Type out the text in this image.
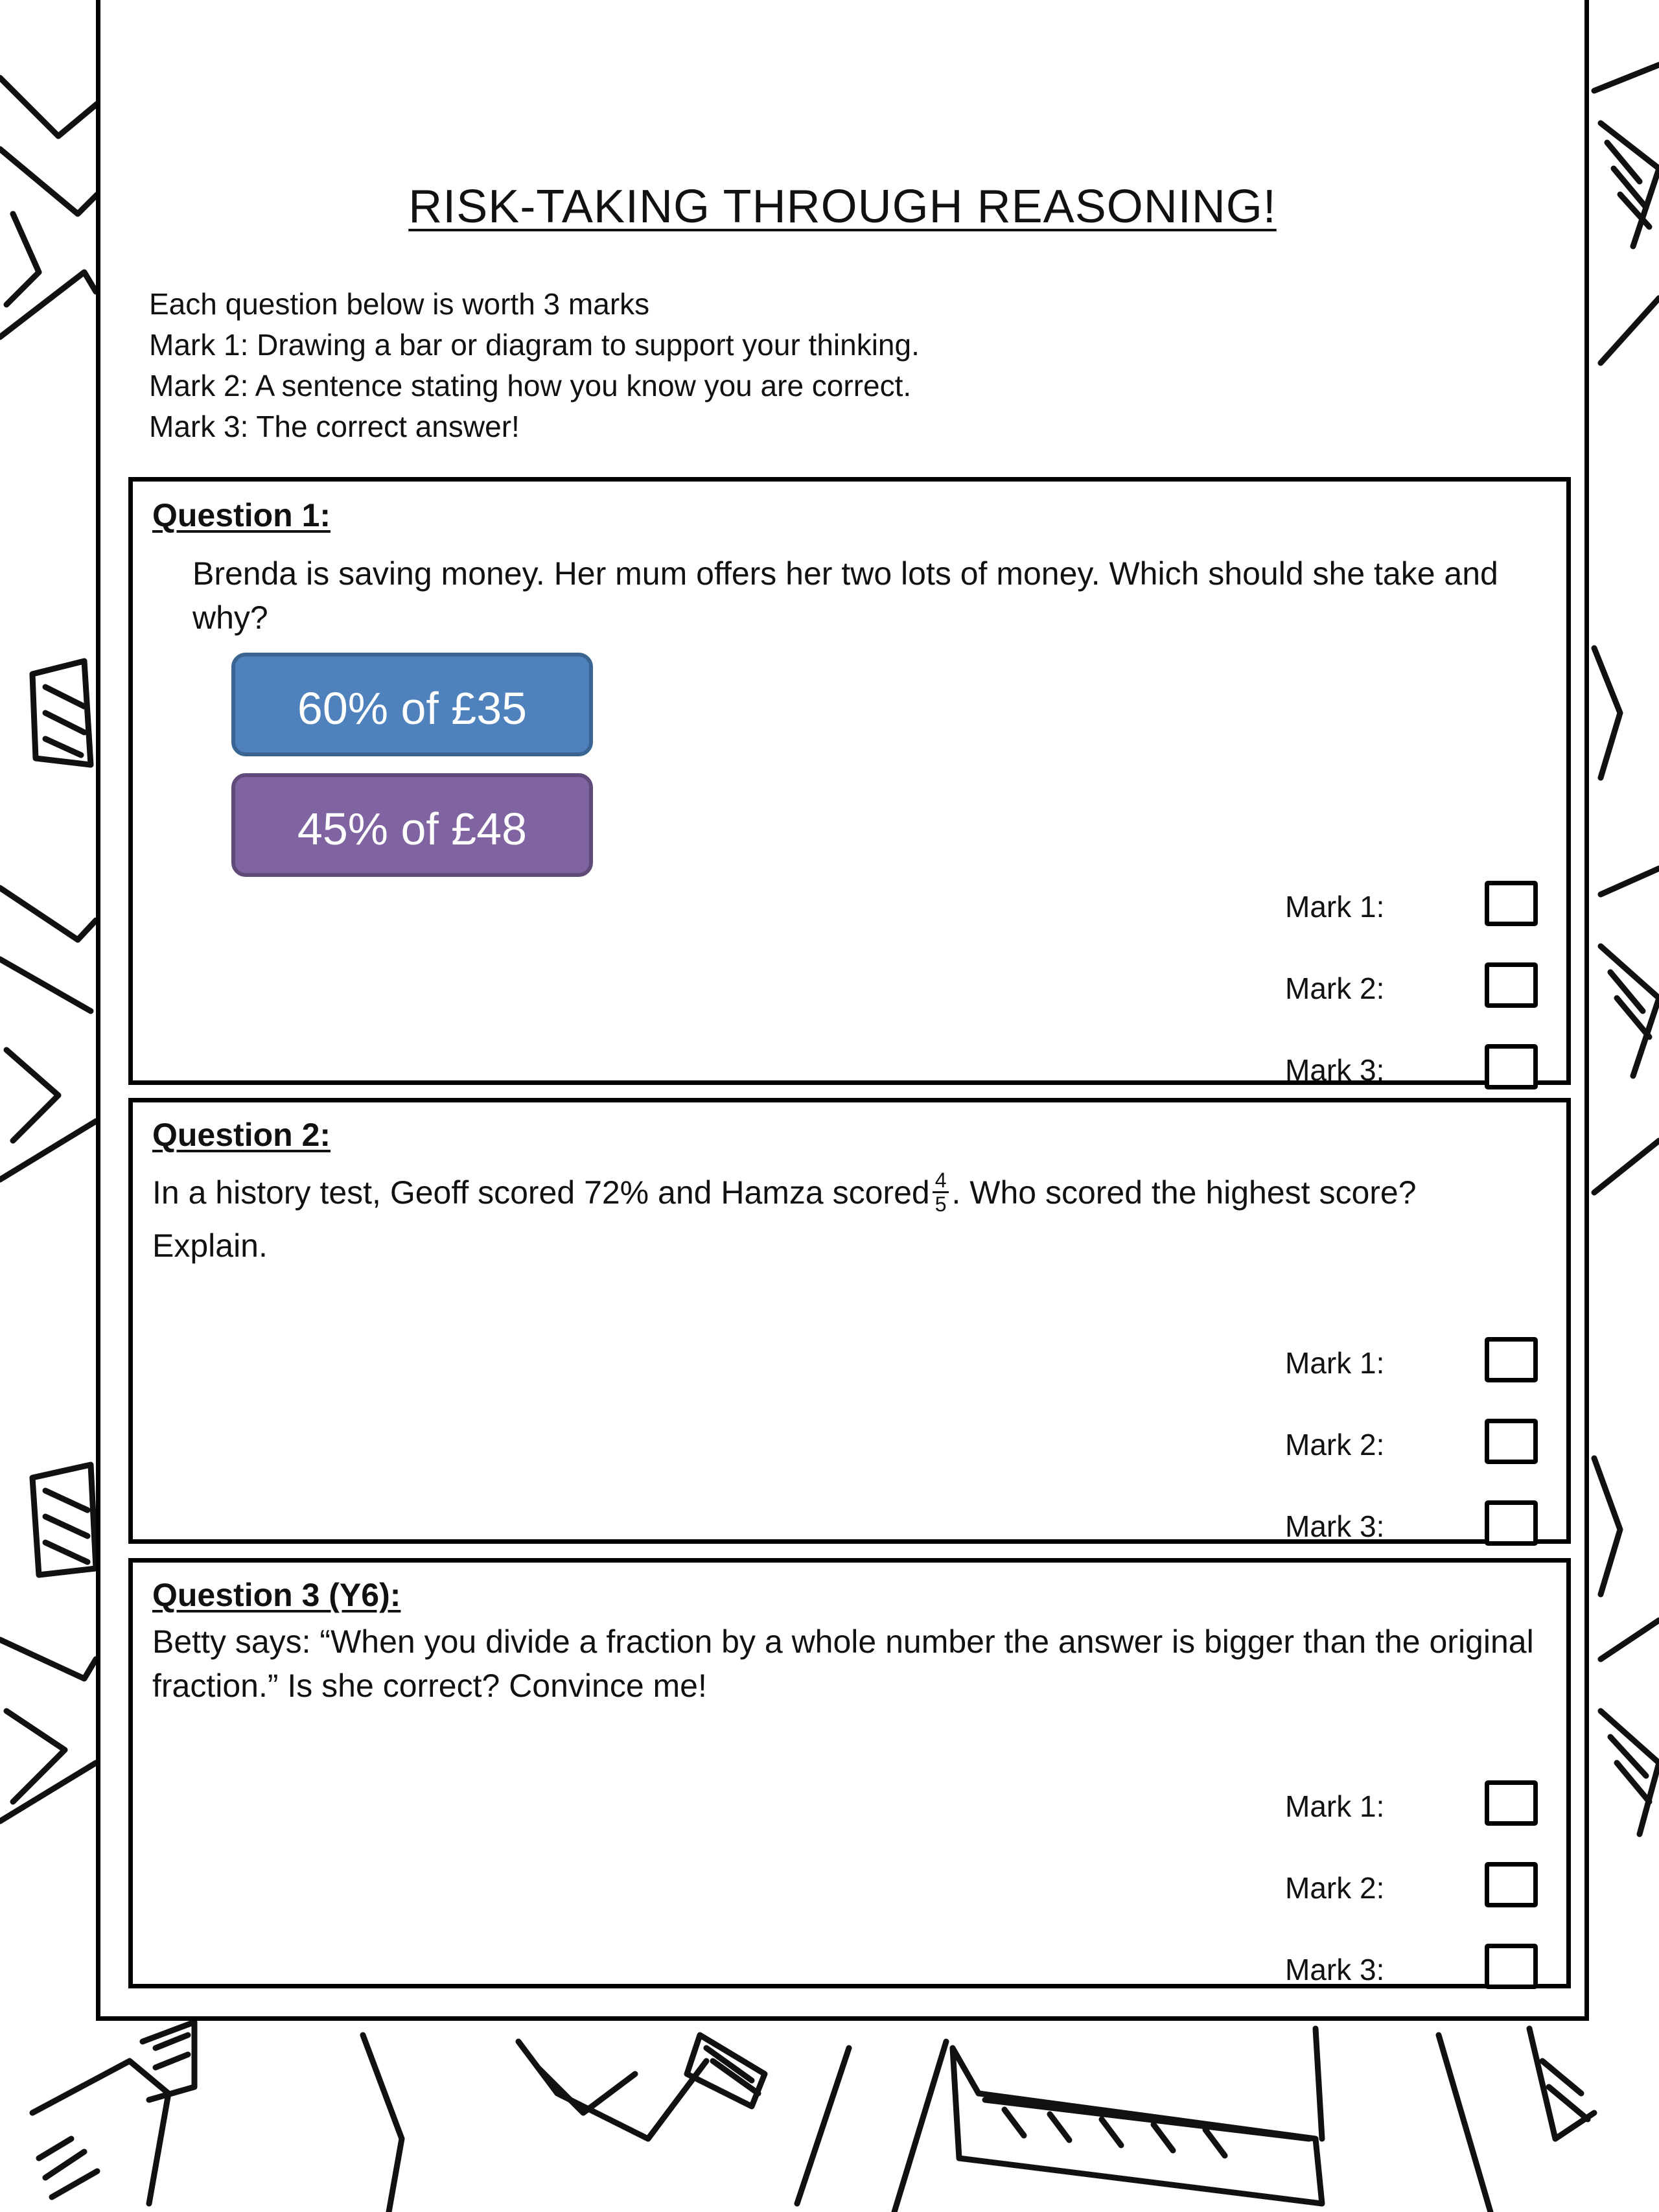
RISK-TAKING THROUGH REASONING!
Each question below is worth 3 marks
Mark 1: Drawing a bar or diagram to support your thinking.
Mark 2: A sentence stating how you know you are correct.
Mark 3: The correct answer!
Question 1:
Brenda is saving money. Her mum offers her two lots of money. Which should she take and why?
60% of £35
45% of £48
Mark 1:
Mark 2:
Mark 3:
Question 2:
In a history test, Geoff scored 72% and Hamza scored $\frac{4}{5}$ . Who scored the highest score? Explain.
Mark 1:
Mark 2:
Mark 3:
Question 3 (Y6):
Betty says: “When you divide a fraction by a whole number the answer is bigger than the original fraction.” Is she correct? Convince me!
Mark 1:
Mark 2:
Mark 3:
